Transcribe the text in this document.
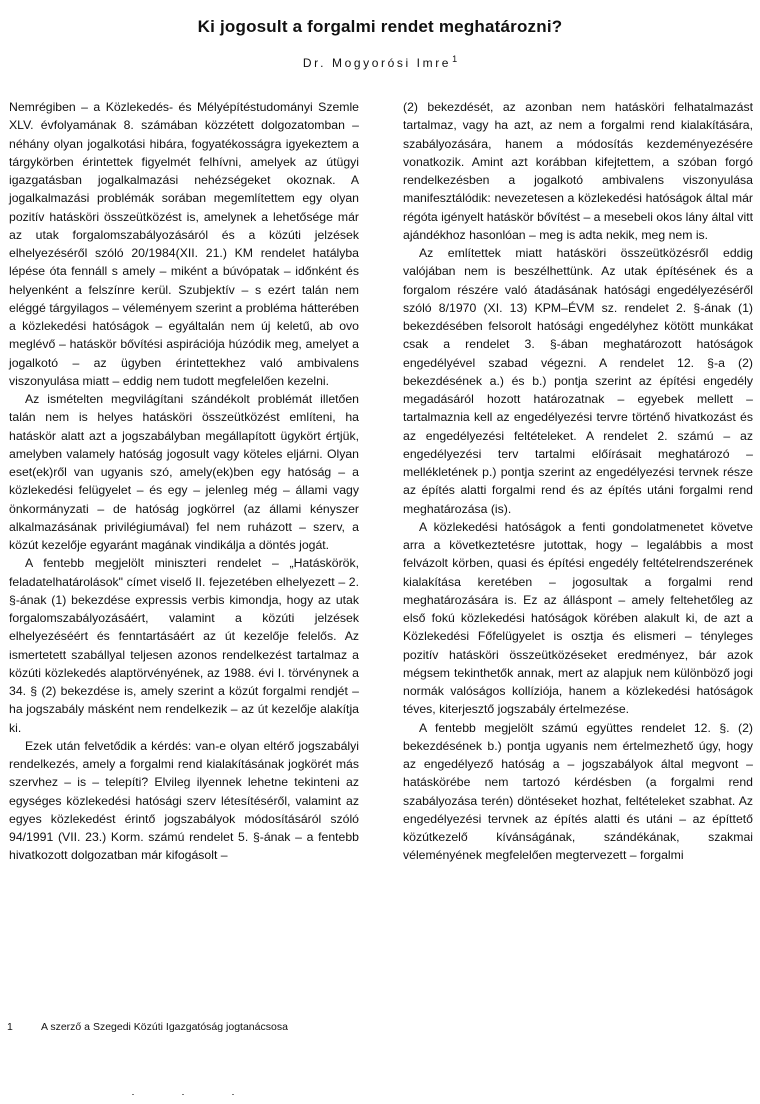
Ki jogosult a forgalmi rendet meghatározni?
Dr. Mogyorósi Imre$^1$

Nemrégiben – a Közlekedés- és Mélyépítéstudományi Szemle XLV. évfolyamának 8. számában közzétett dolgozatomban – néhány olyan jogalkotási hibára, fogyatékosságra igyekeztem a tárgykörben érintettek figyelmét felhívni, amelyek az útügyi igazgatásban jogalkalmazási nehézségeket okoznak. A jogalkalmazási problémák sorában megemlítettem egy olyan pozitív hatásköri összeütközést is, amelynek a lehetősége már az utak forgalomszabályozásáról és a közúti jelzések elhelyezéséről szóló 20/1984(XII. 21.) KM rendelet hatályba lépése óta fennáll s amely – miként a búvópatak – időnként és helyenként a felszínre kerül. Szubjektív – s ezért talán nem eléggé tárgyilagos – véleményem szerint a probléma hátterében a közlekedési hatóságok – egyáltalán nem új keletű, ab ovo meglévő – hatáskör bővítési aspirációja húzódik meg, amelyet a jogalkotó – az ügyben érintettekhez való ambivalens viszonyulása miatt – eddig nem tudott megfelelően kezelni.

Az ismételten megvilágítani szándékolt problémát illetően talán nem is helyes hatásköri összeütközést említeni, ha hatáskör alatt azt a jogszabályban megállapított ügykört értjük, amelyben valamely hatóság jogosult vagy köteles eljárni. Olyan eset(ek)ről van ugyanis szó, amely(ek)ben egy hatóság – a közlekedési felügyelet – és egy – jelenleg még – állami vagy önkormányzati – de hatóság jogkörrel (az állami kényszer alkalmazásának privilégiumával) fel nem ruházott – szerv, a közút kezelője egyaránt magának vindikálja a döntés jogát.

A fentebb megjelölt miniszteri rendelet – „Hatáskörök, feladatelhatárolások" címet viselő II. fejezetében elhelyezett – 2. §-ának (1) bekezdése expressis verbis kimondja, hogy az utak forgalomszabályozásáért, valamint a közúti jelzések elhelyezéséért és fenntartásáért az út kezelője felelős. Az ismertetett szabállyal teljesen azonos rendelkezést tartalmaz a közúti közlekedés alaptörvényének, az 1988. évi I. törvénynek a 34. § (2) bekezdése is, amely szerint a közút forgalmi rendjét – ha jogszabály másként nem rendelkezik – az út kezelője alakítja ki.

Ezek után felvetődik a kérdés: van-e olyan eltérő jogszabályi rendelkezés, amely a forgalmi rend kialakításának jogkörét más szervhez – is – telepíti? Elvileg ilyennek lehetne tekinteni az egységes közlekedési hatósági szerv létesítéséről, valamint az egyes közlekedést érintő jogszabályok módosításáról szóló 94/1991 (VII. 23.) Korm. számú rendelet 5. §-ának – a fentebb hivatkozott dolgozatban már kifogásolt –

(2) bekezdését, az azonban nem hatásköri felhatalmazást tartalmaz, vagy ha azt, az nem a forgalmi rend kialakítására, szabályozására, hanem a módosítás kezdeményezésére vonatkozik. Amint azt korábban kifejtettem, a szóban forgó rendelkezésben a jogalkotó ambivalens viszonyulása manifesztálódik: nevezetesen a közlekedési hatóságok által már régóta igényelt hatáskör bővítést – a mesebeli okos lány által vitt ajándékhoz hasonlóan – meg is adta nekik, meg nem is.

Az említettek miatt hatásköri összeütközésről eddig valójában nem is beszélhettünk. Az utak építésének és a forgalom részére való átadásának hatósági engedélyezéséről szóló 8/1970 (XI. 13) KPM–ÉVM sz. rendelet 2. §-ának (1) bekezdésében felsorolt hatósági engedélyhez kötött munkákat csak a rendelet 3. §-ában meghatározott hatóságok engedélyével szabad végezni. A rendelet 12. §-a (2) bekezdésének a.) és b.) pontja szerint az építési engedély megadásáról hozott határozatnak – egyebek mellett – tartalmaznia kell az engedélyezési tervre történő hivatkozást és az engedélyezési feltételeket. A rendelet 2. számú – az engedélyezési terv tartalmi előírásait meghatározó – mellékletének p.) pontja szerint az engedélyezési tervnek része az építés alatti forgalmi rend és az építés utáni forgalmi rend meghatározása (is).

A közlekedési hatóságok a fenti gondolatmenetet követve arra a következtetésre jutottak, hogy – legalábbis a most felvázolt körben, quasi és építési engedély feltételrendszerének kialakítása keretében – jogosultak a forgalmi rend meghatározására is. Ez az álláspont – amely feltehetőleg az első fokú közlekedési hatóságok körében alakult ki, de azt a Közlekedési Főfelügyelet is osztja és elismeri – tényleges pozitív hatásköri összeütközéseket eredményez, bár azok mégsem tekinthetők annak, mert az alapjuk nem különböző jogi normák valóságos kollíziója, hanem a közlekedési hatóságok téves, kiterjesztő jogszabály értelmezése.

A fentebb megjelölt számú együttes rendelet 12. §. (2) bekezdésének b.) pontja ugyanis nem értelmezhető úgy, hogy az engedélyező hatóság a – jogszabályok által megvont – hatáskörébe nem tartozó kérdésben (a forgalmi rend szabályozása terén) döntéseket hozhat, feltételeket szabhat. Az engedélyezési tervnek az építés alatti és utáni – az építtető közútkezelő kívánságának, szándékának, szakmai véleményének megfelelően megtervezett – forgalmi

1	A szerző a Szegedi Közúti Igazgatóság jogtanácsosa
